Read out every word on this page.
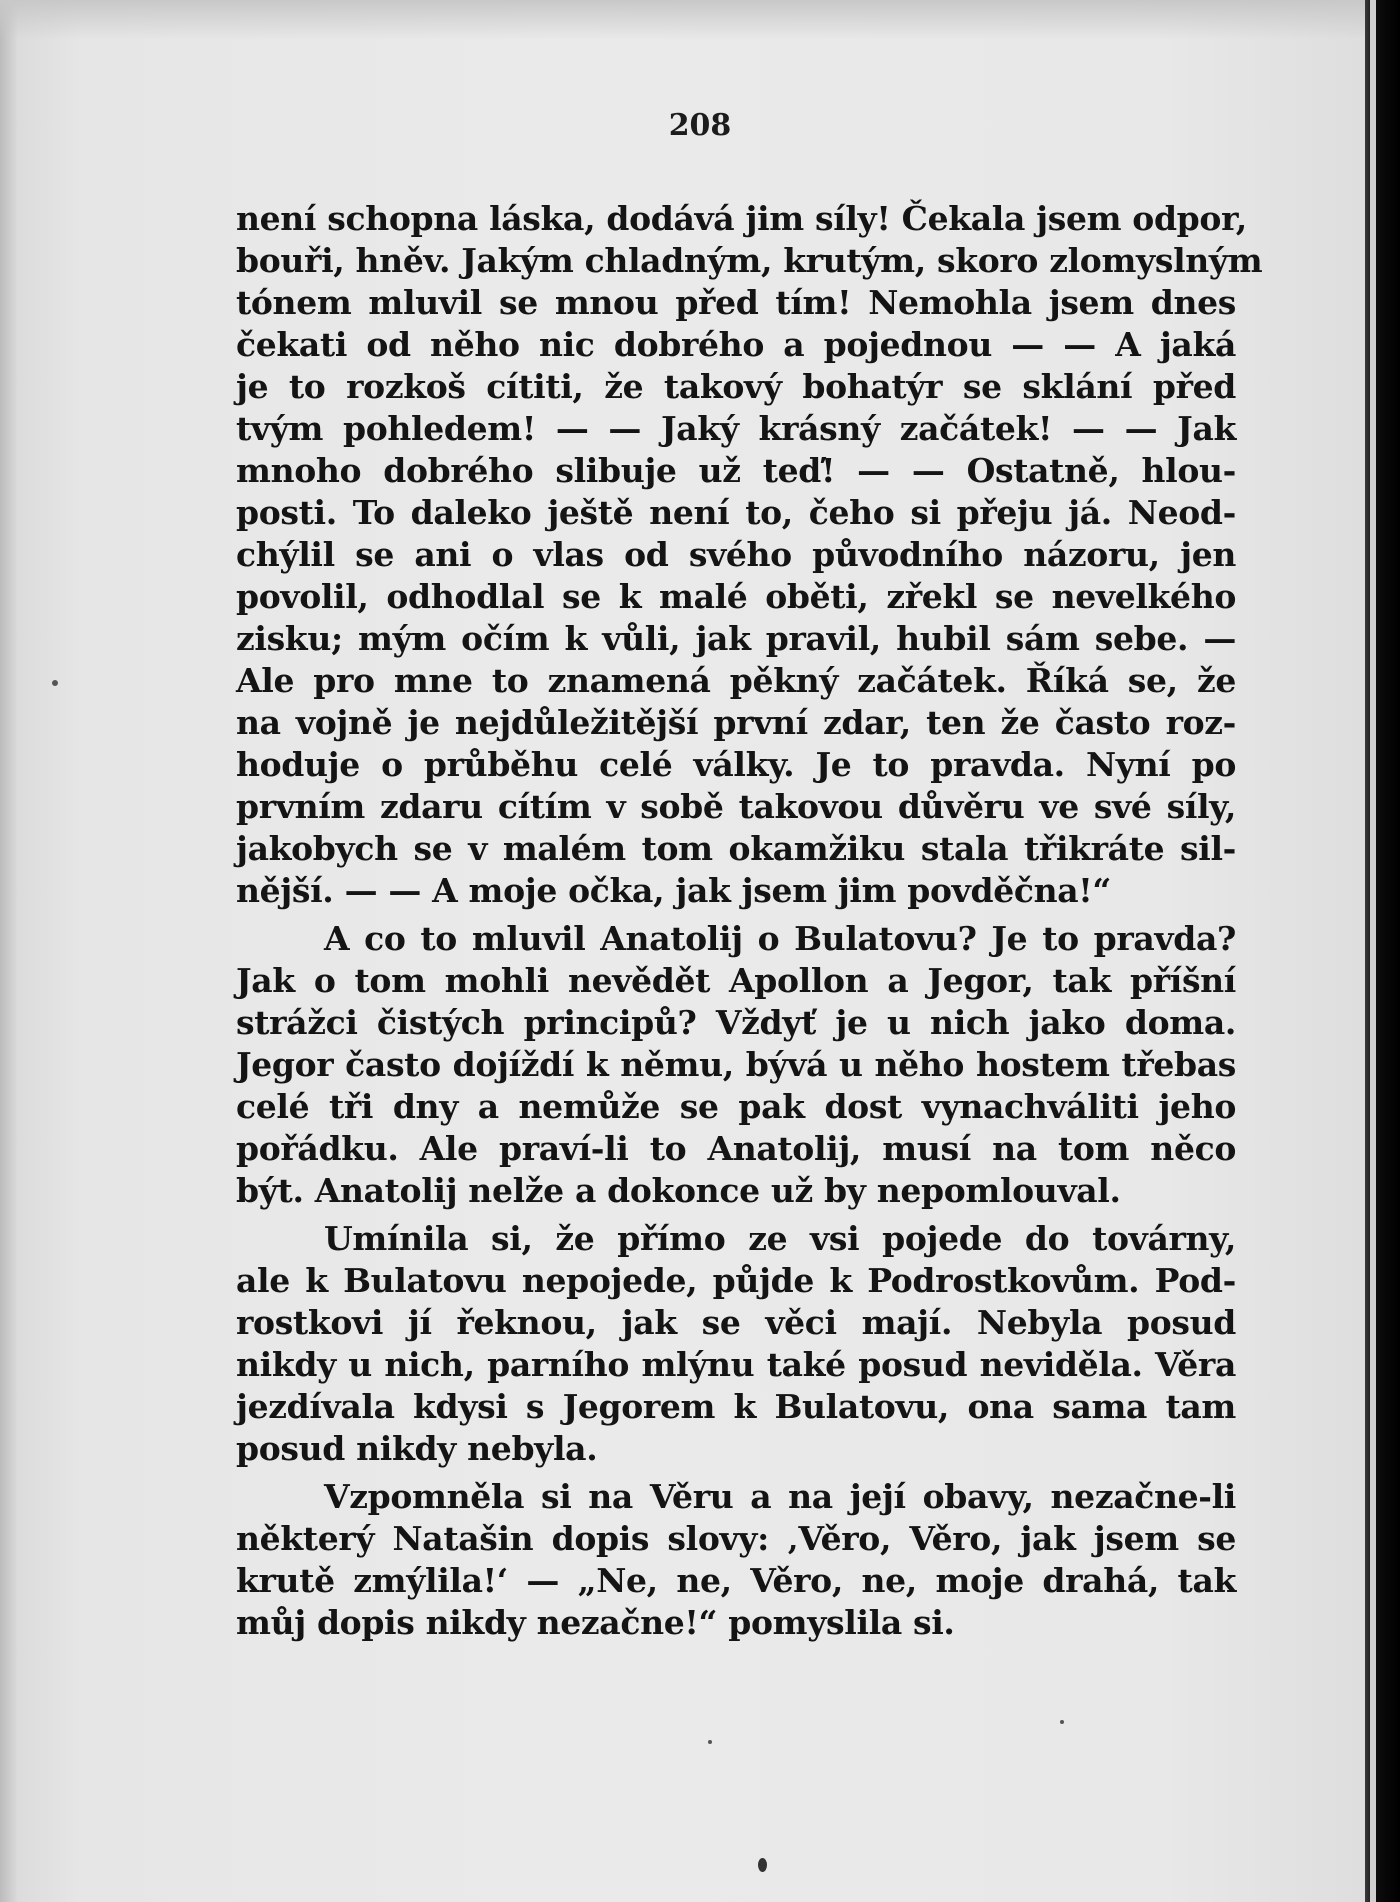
208
není schopna láska, dodává jim síly! Čekala jsem odpor,
bouři, hněv. Jakým chladným, krutým, skoro zlomyslným
tónem mluvil se mnou před tím! Nemohla jsem dnes
čekati od něho nic dobrého a pojednou — — A jaká
je to rozkoš cítiti, že takový bohatýr se sklání před
tvým pohledem! — — Jaký krásný začátek! — — Jak
mnoho dobrého slibuje už teď! — — Ostatně, hlou-
posti. To daleko ještě není to, čeho si přeju já. Neod-
chýlil se ani o vlas od svého původního názoru, jen
povolil, odhodlal se k malé oběti, zřekl se nevelkého
zisku; mým očím k vůli, jak pravil, hubil sám sebe. —
Ale pro mne to znamená pěkný začátek. Říká se, že
na vojně je nejdůležitější první zdar, ten že často roz-
hoduje o průběhu celé války. Je to pravda. Nyní po
prvním zdaru cítím v sobě takovou důvěru ve své síly,
jakobych se v malém tom okamžiku stala třikráte sil-
nější. — — A moje očka, jak jsem jim povděčna!“
A co to mluvil Anatolij o Bulatovu? Je to pravda?
Jak o tom mohli nevědět Apollon a Jegor, tak příšní
strážci čistých principů? Vždyť je u nich jako doma.
Jegor často dojíždí k němu, bývá u něho hostem třebas
celé tři dny a nemůže se pak dost vynachváliti jeho
pořádku. Ale praví-li to Anatolij, musí na tom něco
být. Anatolij nelže a dokonce už by nepomlouval.
Umínila si, že přímo ze vsi pojede do továrny,
ale k Bulatovu nepojede, půjde k Podrostkovům. Pod-
rostkovi jí řeknou, jak se věci mají. Nebyla posud
nikdy u nich, parního mlýnu také posud neviděla. Věra
jezdívala kdysi s Jegorem k Bulatovu, ona sama tam
posud nikdy nebyla.
Vzpomněla si na Věru a na její obavy, nezačne-li
některý Natašin dopis slovy: ‚Věro, Věro, jak jsem se
krutě zmýlila!‘ — „Ne, ne, Věro, ne, moje drahá, tak
můj dopis nikdy nezačne!“ pomyslila si.
